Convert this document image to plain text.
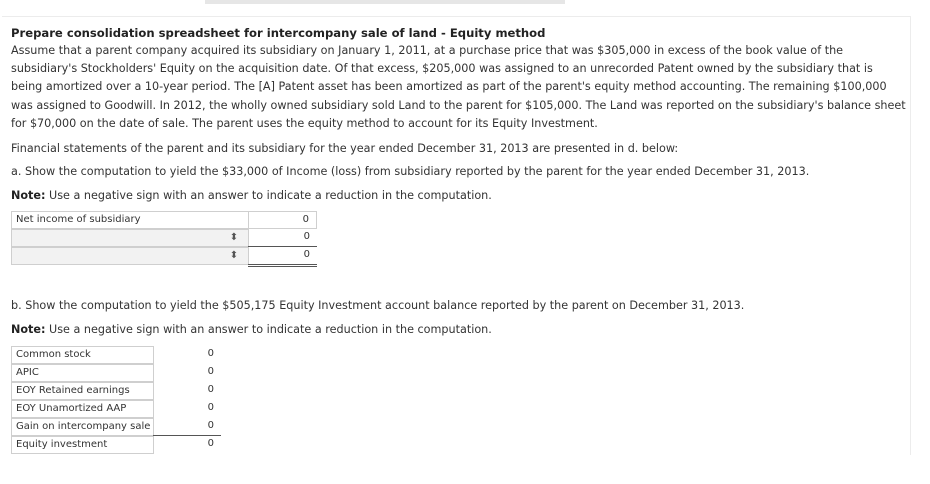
Prepare consolidation spreadsheet for intercompany sale of land - Equity method
Assume that a parent company acquired its subsidiary on January 1, 2011, at a purchase price that was $305,000 in excess of the book value of the subsidiary's Stockholders' Equity on the acquisition date. Of that excess, $205,000 was assigned to an unrecorded Patent owned by the subsidiary that is being amortized over a 10-year period. The [A] Patent asset has been amortized as part of the parent's equity method accounting. The remaining $100,000 was assigned to Goodwill. In 2012, the wholly owned subsidiary sold Land to the parent for $105,000. The Land was reported on the subsidiary's balance sheet for $70,000 on the date of sale. The parent uses the equity method to account for its Equity Investment.
Financial statements of the parent and its subsidiary for the year ended December 31, 2013 are presented in d. below:
a. Show the computation to yield the $33,000 of Income (loss) from subsidiary reported by the parent for the year ended December 31, 2013.
Note: Use a negative sign with an answer to indicate a reduction in the computation.
Net income of subsidiary	0
⬍	0
⬍	0
b. Show the computation to yield the $505,175 Equity Investment account balance reported by the parent on December 31, 2013.
Note: Use a negative sign with an answer to indicate a reduction in the computation.
Common stock	0
APIC	0
EOY Retained earnings	0
EOY Unamortized AAP	0
Gain on intercompany sale	0
Equity investment	0
